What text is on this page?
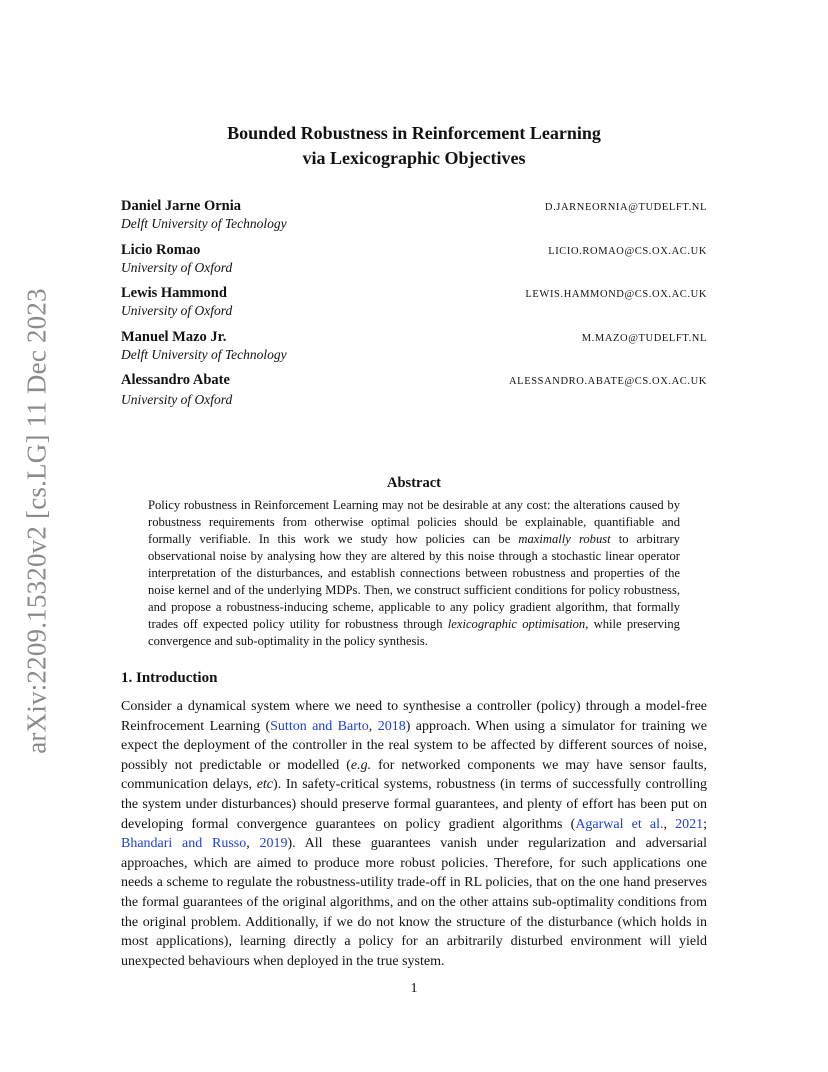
arXiv:2209.15320v2 [cs.LG] 11 Dec 2023
Bounded Robustness in Reinforcement Learning
via Lexicographic Objectives
Daniel Jarne Ornia
Delft University of Technology
D.JARNEORNIA@TUDELFT.NL
Licio Romao
University of Oxford
LICIO.ROMAO@CS.OX.AC.UK
Lewis Hammond
University of Oxford
LEWIS.HAMMOND@CS.OX.AC.UK
Manuel Mazo Jr.
Delft University of Technology
M.MAZO@TUDELFT.NL
Alessandro Abate
University of Oxford
ALESSANDRO.ABATE@CS.OX.AC.UK
Abstract
Policy robustness in Reinforcement Learning may not be desirable at any cost: the alterations caused by robustness requirements from otherwise optimal policies should be explainable, quantifiable and formally verifiable. In this work we study how policies can be maximally robust to arbitrary observational noise by analysing how they are altered by this noise through a stochastic linear operator interpretation of the disturbances, and establish connections between robustness and properties of the noise kernel and of the underlying MDPs. Then, we construct sufficient conditions for policy robustness, and propose a robustness-inducing scheme, applicable to any policy gradient algorithm, that formally trades off expected policy utility for robustness through lexicographic optimisation, while preserving convergence and sub-optimality in the policy synthesis.
1. Introduction
Consider a dynamical system where we need to synthesise a controller (policy) through a model-free Reinfrocement Learning (Sutton and Barto, 2018) approach. When using a simulator for training we expect the deployment of the controller in the real system to be affected by different sources of noise, possibly not predictable or modelled (e.g. for networked components we may have sensor faults, communication delays, etc). In safety-critical systems, robustness (in terms of successfully controlling the system under disturbances) should preserve formal guarantees, and plenty of effort has been put on developing formal convergence guarantees on policy gradient algorithms (Agarwal et al., 2021; Bhandari and Russo, 2019). All these guarantees vanish under regularization and adversarial approaches, which are aimed to produce more robust policies. Therefore, for such applications one needs a scheme to regulate the robustness-utility trade-off in RL policies, that on the one hand preserves the formal guarantees of the original algorithms, and on the other attains sub-optimality conditions from the original problem. Additionally, if we do not know the structure of the disturbance (which holds in most applications), learning directly a policy for an arbitrarily disturbed environment will yield unexpected behaviours when deployed in the true system.
1
